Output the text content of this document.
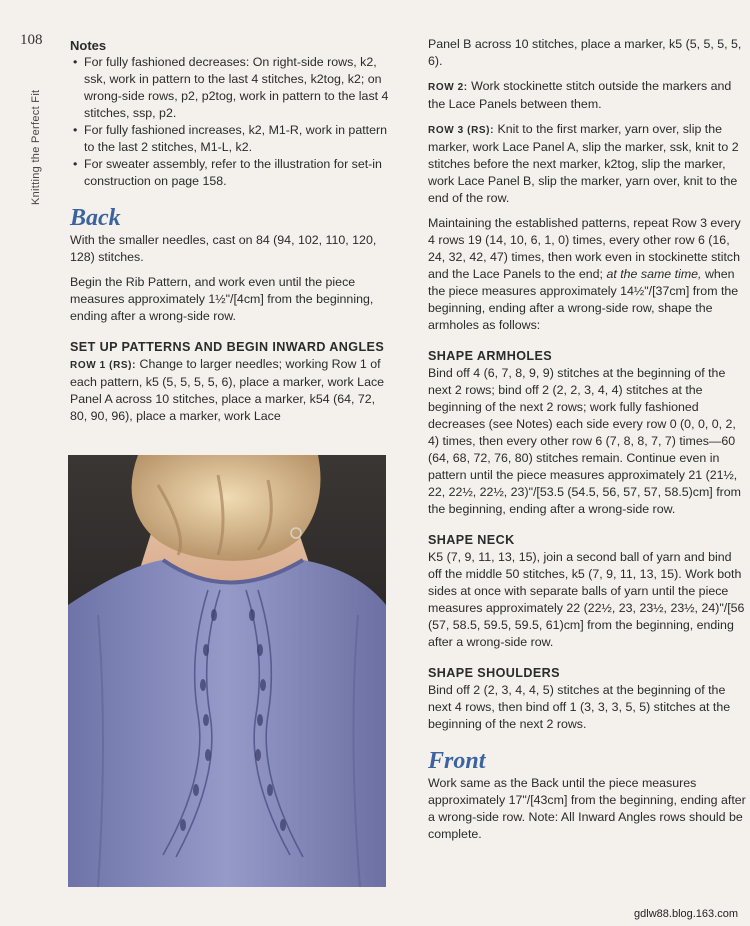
108
Knitting the Perfect Fit
Notes
• For fully fashioned decreases: On right-side rows, k2, ssk, work in pattern to the last 4 stitches, k2tog, k2; on wrong-side rows, p2, p2tog, work in pattern to the last 4 stitches, ssp, p2.
• For fully fashioned increases, k2, M1-R, work in pattern to the last 2 stitches, M1-L, k2.
• For sweater assembly, refer to the illustration for set-in construction on page 158.
Back

With the smaller needles, cast on 84 (94, 102, 110, 120, 128) stitches.

Begin the Rib Pattern, and work even until the piece measures approximately 1½"/[4cm] from the beginning, ending after a wrong-side row.

SET UP PATTERNS AND BEGIN INWARD ANGLES

ROW 1 (RS): Change to larger needles; working Row 1 of each pattern, k5 (5, 5, 5, 5, 6), place a marker, work Lace Panel A across 10 stitches, place a marker, k54 (64, 72, 80, 90, 96), place a marker, work Lace

Panel B across 10 stitches, place a marker, k5 (5, 5, 5, 5, 6).

ROW 2: Work stockinette stitch outside the markers and the Lace Panels between them.

ROW 3 (RS): Knit to the first marker, yarn over, slip the marker, work Lace Panel A, slip the marker, ssk, knit to 2 stitches before the next marker, k2tog, slip the marker, work Lace Panel B, slip the marker, yarn over, knit to the end of the row.

Maintaining the established patterns, repeat Row 3 every 4 rows 19 (14, 10, 6, 1, 0) times, every other row 6 (16, 24, 32, 42, 47) times, then work even in stockinette stitch and the Lace Panels to the end; at the same time, when the piece measures approximately 14½"/[37cm] from the beginning, ending after a wrong-side row, shape the armholes as follows:

SHAPE ARMHOLES

Bind off 4 (6, 7, 8, 9, 9) stitches at the beginning of the next 2 rows; bind off 2 (2, 2, 3, 4, 4) stitches at the beginning of the next 2 rows; work fully fashioned decreases (see Notes) each side every row 0 (0, 0, 0, 2, 4) times, then every other row 6 (7, 8, 8, 7, 7) times—60 (64, 68, 72, 76, 80) stitches remain. Continue even in pattern until the piece measures approximately 21 (21½, 22, 22½, 22½, 23)"/[53.5 (54.5, 56, 57, 57, 58.5)cm] from the beginning, ending after a wrong-side row.

SHAPE NECK

K5 (7, 9, 11, 13, 15), join a second ball of yarn and bind off the middle 50 stitches, k5 (7, 9, 11, 13, 15). Work both sides at once with separate balls of yarn until the piece measures approximately 22 (22½, 23, 23½, 23½, 24)"/[56 (57, 58.5, 59.5, 59.5, 61)cm] from the beginning, ending after a wrong-side row.

SHAPE SHOULDERS

Bind off 2 (2, 3, 4, 4, 5) stitches at the beginning of the next 4 rows, then bind off 1 (3, 3, 3, 5, 5) stitches at the beginning of the next 2 rows.

Front

Work same as the Back until the piece measures approximately 17"/[43cm] from the beginning, ending after a wrong-side row. Note: All Inward Angles rows should be complete.

gdlw88.blog.163.com
